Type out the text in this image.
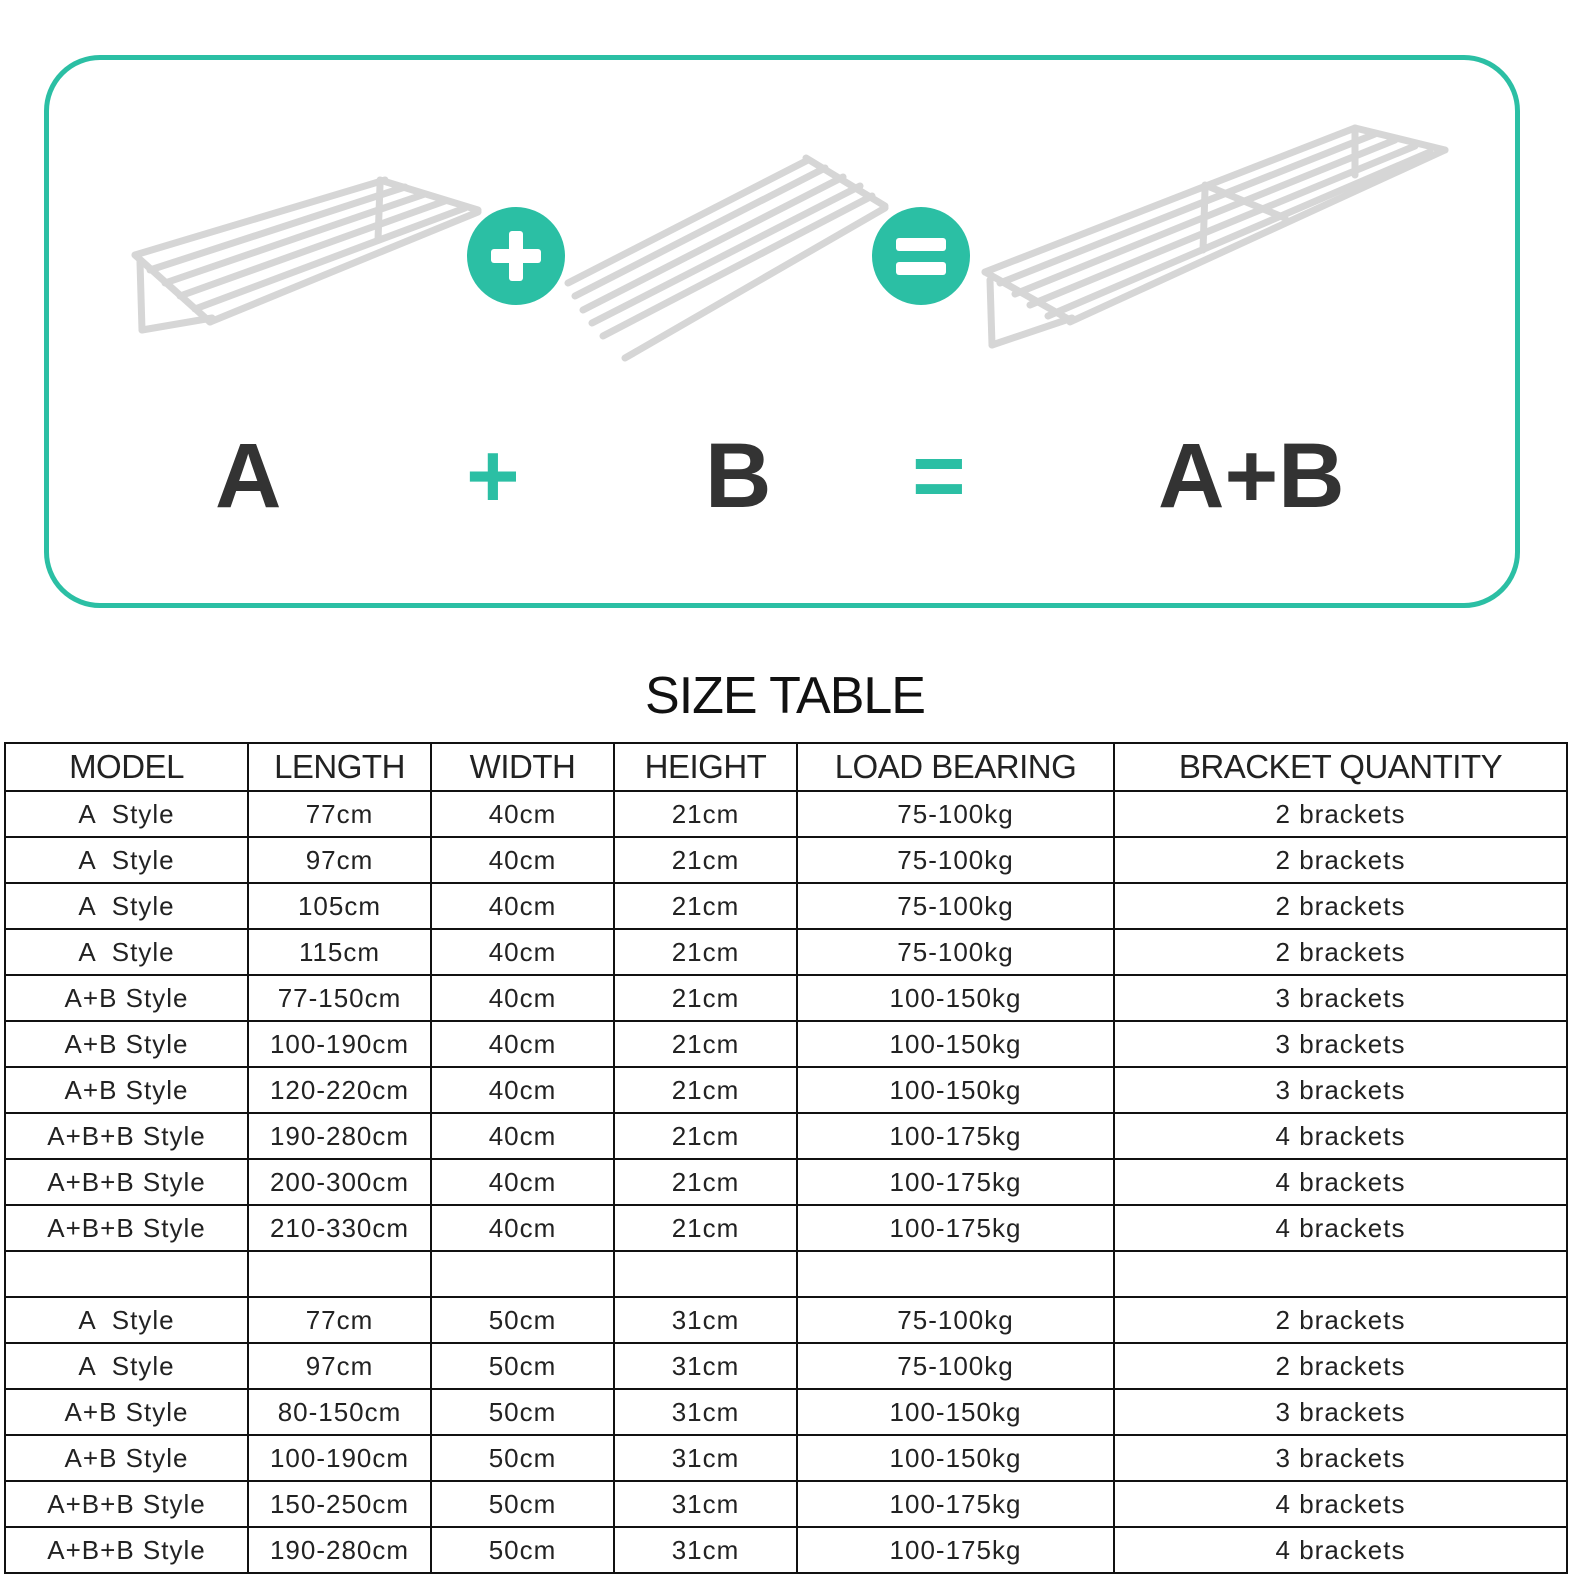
A + B = A+B
SIZE TABLE
MODEL	LENGTH	WIDTH	HEIGHT	LOAD BEARING	BRACKET QUANTITY
A  Style	77cm	40cm	21cm	75-100kg	2 brackets
A  Style	97cm	40cm	21cm	75-100kg	2 brackets
A  Style	105cm	40cm	21cm	75-100kg	2 brackets
A  Style	115cm	40cm	21cm	75-100kg	2 brackets
A+B Style	77-150cm	40cm	21cm	100-150kg	3 brackets
A+B Style	100-190cm	40cm	21cm	100-150kg	3 brackets
A+B Style	120-220cm	40cm	21cm	100-150kg	3 brackets
A+B+B Style	190-280cm	40cm	21cm	100-175kg	4 brackets
A+B+B Style	200-300cm	40cm	21cm	100-175kg	4 brackets
A+B+B Style	210-330cm	40cm	21cm	100-175kg	4 brackets

A  Style	77cm	50cm	31cm	75-100kg	2 brackets
A  Style	97cm	50cm	31cm	75-100kg	2 brackets
A+B Style	80-150cm	50cm	31cm	100-150kg	3 brackets
A+B Style	100-190cm	50cm	31cm	100-150kg	3 brackets
A+B+B Style	150-250cm	50cm	31cm	100-175kg	4 brackets
A+B+B Style	190-280cm	50cm	31cm	100-175kg	4 brackets
